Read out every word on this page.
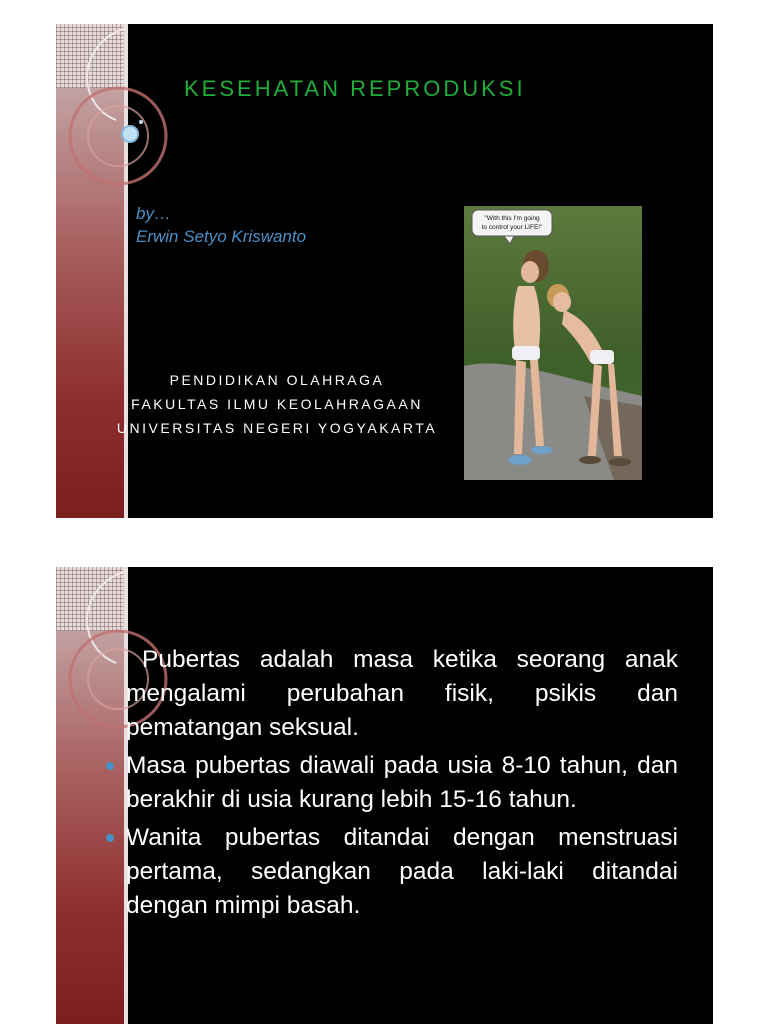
KESEHATAN REPRODUKSI
by…
Erwin Setyo Kriswanto
PENDIDIKAN OLAHRAGA
FAKULTAS ILMU KEOLAHRAGAAN
UNIVERSITAS NEGERI YOGYAKARTA
"With this I'm going
to control your LIFE!"

Pubertas adalah masa ketika seorang anak mengalami perubahan fisik, psikis dan pematangan seksual.

Masa pubertas diawali pada usia 8-10 tahun, dan berakhir di usia kurang lebih 15-16 tahun.
Wanita pubertas ditandai dengan menstruasi pertama, sedangkan pada laki-laki ditandai dengan mimpi basah.
